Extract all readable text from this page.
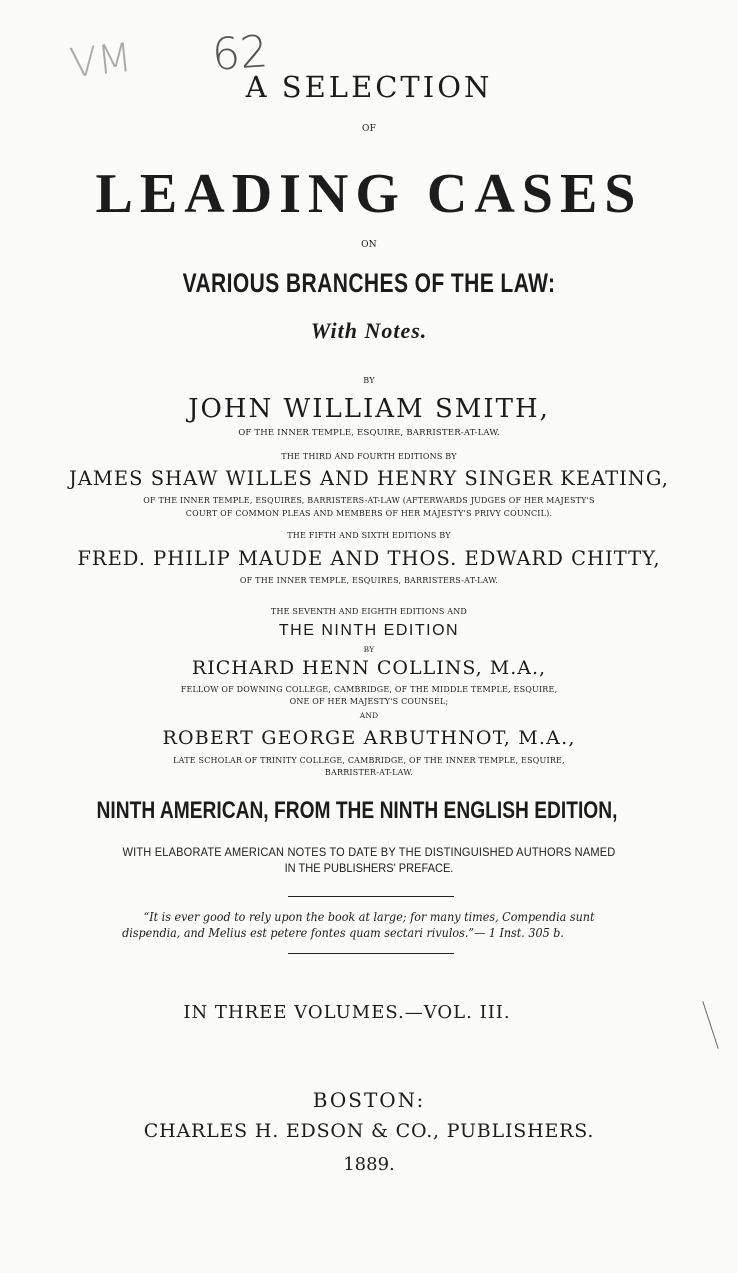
VM 62
A SELECTION
OF
LEADING CASES
ON
VARIOUS BRANCHES OF THE LAW:
With Notes.
BY
JOHN WILLIAM SMITH,
OF THE INNER TEMPLE, ESQUIRE, BARRISTER-AT-LAW.
THE THIRD AND FOURTH EDITIONS BY
JAMES SHAW WILLES AND HENRY SINGER KEATING,
OF THE INNER TEMPLE, ESQUIRES, BARRISTERS-AT-LAW (AFTERWARDS JUDGES OF HER MAJESTY'S
COURT OF COMMON PLEAS AND MEMBERS OF HER MAJESTY'S PRIVY COUNCIL).
THE FIFTH AND SIXTH EDITIONS BY
FRED. PHILIP MAUDE AND THOS. EDWARD CHITTY,
OF THE INNER TEMPLE, ESQUIRES, BARRISTERS-AT-LAW.
THE SEVENTH AND EIGHTH EDITIONS AND
THE NINTH EDITION
BY
RICHARD HENN COLLINS, M.A.,
FELLOW OF DOWNING COLLEGE, CAMBRIDGE, OF THE MIDDLE TEMPLE, ESQUIRE,
ONE OF HER MAJESTY'S COUNSEL;
AND
ROBERT GEORGE ARBUTHNOT, M.A.,
LATE SCHOLAR OF TRINITY COLLEGE, CAMBRIDGE, OF THE INNER TEMPLE, ESQUIRE,
BARRISTER-AT-LAW.
NINTH AMERICAN, FROM THE NINTH ENGLISH EDITION,
WITH ELABORATE AMERICAN NOTES TO DATE BY THE DISTINGUISHED AUTHORS NAMED
IN THE PUBLISHERS' PREFACE.
“It is ever good to rely upon the book at large; for many times, Compendia sunt
dispendia, and Melius est petere fontes quam sectari rivulos.”— 1 Inst. 305 b.
IN THREE VOLUMES.—VOL. III.
BOSTON:
CHARLES H. EDSON & CO., PUBLISHERS.
1889.
